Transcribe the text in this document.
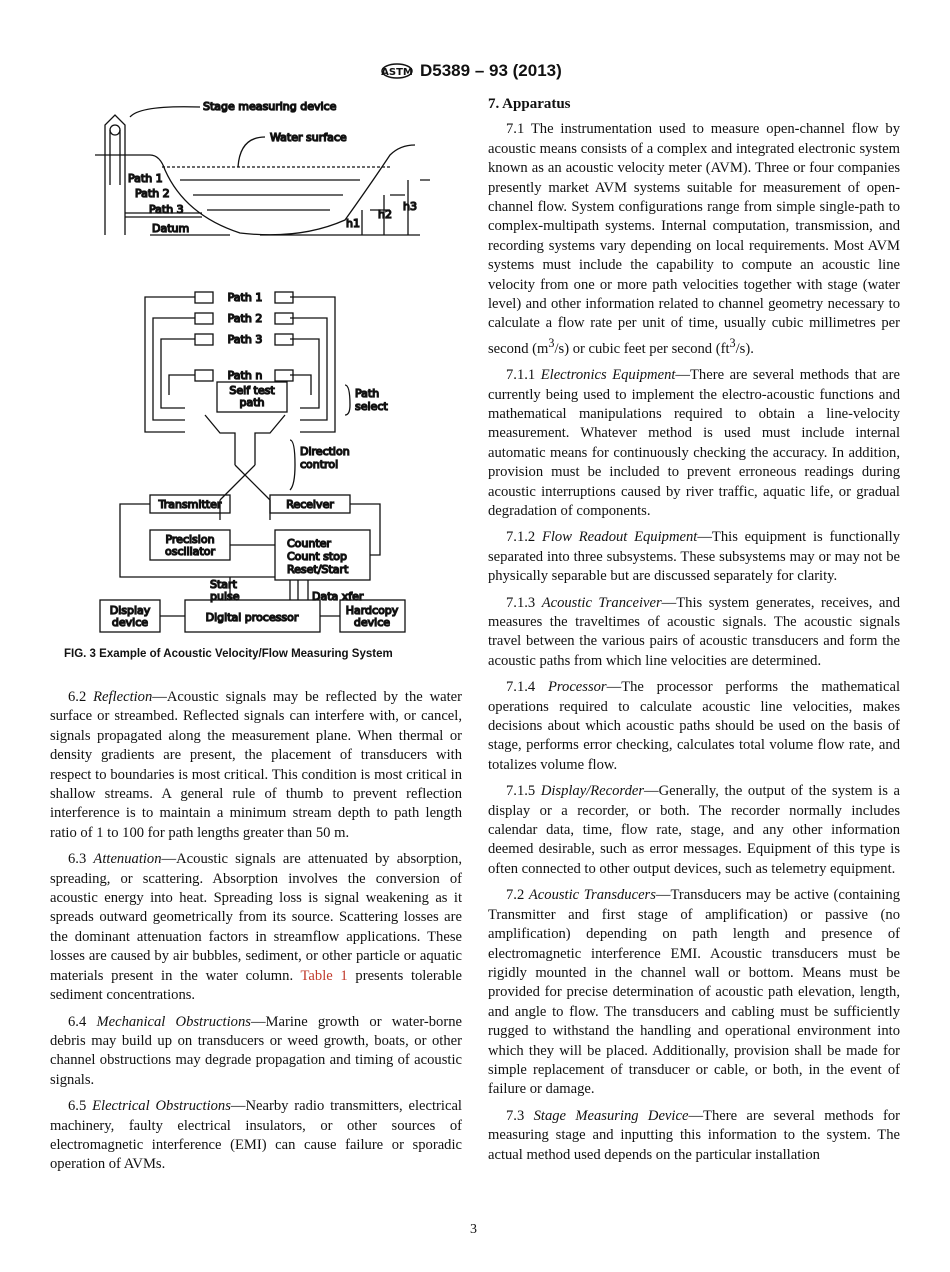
ASTM D5389 – 93 (2013)
Stage measuring device
Water surface
Path 1
Path 2
Path 3
Datum	h1
h2
h3
Path 1
Path 2
Path 3
Path n
Self test
path
Path
select
Direction
control
Transmitter	Receiver
Precision
oscillator
Counter
Count stop
Reset/Start
Start
pulse	Data xfer
Display
device	Digital processor
Hardcopy
device
FIG. 3 Example of Acoustic Velocity/Flow Measuring System

6.2 Reflection—Acoustic signals may be reflected by the water surface or streambed. Reflected signals can interfere with, or cancel, signals propagated along the measurement plane. When thermal or density gradients are present, the placement of transducers with respect to boundaries is most critical. This condition is most critical in shallow streams. A general rule of thumb to prevent reflection interference is to maintain a minimum stream depth to path length ratio of 1 to 100 for path lengths greater than 50 m.

6.3 Attenuation—Acoustic signals are attenuated by absorption, spreading, or scattering. Absorption involves the conversion of acoustic energy into heat. Spreading loss is signal weakening as it spreads outward geometrically from its source. Scattering losses are the dominant attenuation factors in streamflow applications. These losses are caused by air bubbles, sediment, or other particle or aquatic materials present in the water column. Table 1 presents tolerable sediment concentrations.

6.4 Mechanical Obstructions—Marine growth or water-borne debris may build up on transducers or weed growth, boats, or other channel obstructions may degrade propagation and timing of acoustic signals.

6.5 Electrical Obstructions—Nearby radio transmitters, electrical machinery, faulty electrical insulators, or other sources of electromagnetic interference (EMI) can cause failure or sporadic operation of AVMs.

7. Apparatus

7.1 The instrumentation used to measure open-channel flow by acoustic means consists of a complex and integrated electronic system known as an acoustic velocity meter (AVM). Three or four companies presently market AVM systems suitable for measurement of open-channel flow. System configurations range from simple single-path to complex-multipath systems. Internal computation, transmission, and recording systems vary depending on local requirements. Most AVM systems must include the capability to compute an acoustic line velocity from one or more path velocities together with stage (water level) and other information related to channel geometry necessary to calculate a flow rate per unit of time, usually cubic millimetres per second $(m^3/s)$ or cubic feet per second $(ft^3/s)$.

7.1.1 Electronics Equipment—There are several methods that are currently being used to implement the electro-acoustic functions and mathematical manipulations required to obtain a line-velocity measurement. Whatever method is used must include internal automatic means for continuously checking the accuracy. In addition, provision must be included to prevent erroneous readings during acoustic interruptions caused by river traffic, aquatic life, or gradual degradation of components.

7.1.2 Flow Readout Equipment—This equipment is functionally separated into three subsystems. These subsystems may or may not be physically separable but are discussed separately for clarity.

7.1.3 Acoustic Tranceiver—This system generates, receives, and measures the traveltimes of acoustic signals. The acoustic signals travel between the various pairs of acoustic transducers and form the acoustic paths from which line velocities are determined.

7.1.4 Processor—The processor performs the mathematical operations required to calculate acoustic line velocities, makes decisions about which acoustic paths should be used on the basis of stage, performs error checking, calculates total volume flow rate, and totalizes volume flow.

7.1.5 Display/Recorder—Generally, the output of the system is a display or a recorder, or both. The recorder normally includes calendar data, time, flow rate, stage, and any other information deemed desirable, such as error messages. Equipment of this type is often connected to other output devices, such as telemetry equipment.

7.2 Acoustic Transducers—Transducers may be active (containing Transmitter and first stage of amplification) or passive (no amplification) depending on path length and presence of electromagnetic interference EMI. Acoustic transducers must be rigidly mounted in the channel wall or bottom. Means must be provided for precise determination of acoustic path elevation, length, and angle to flow. The transducers and cabling must be sufficiently rugged to withstand the handling and operational environment into which they will be placed. Additionally, provision shall be made for simple replacement of transducer or cable, or both, in the event of failure or damage.

7.3 Stage Measuring Device—There are several methods for measuring stage and inputting this information to the system. The actual method used depends on the particular installation

3
